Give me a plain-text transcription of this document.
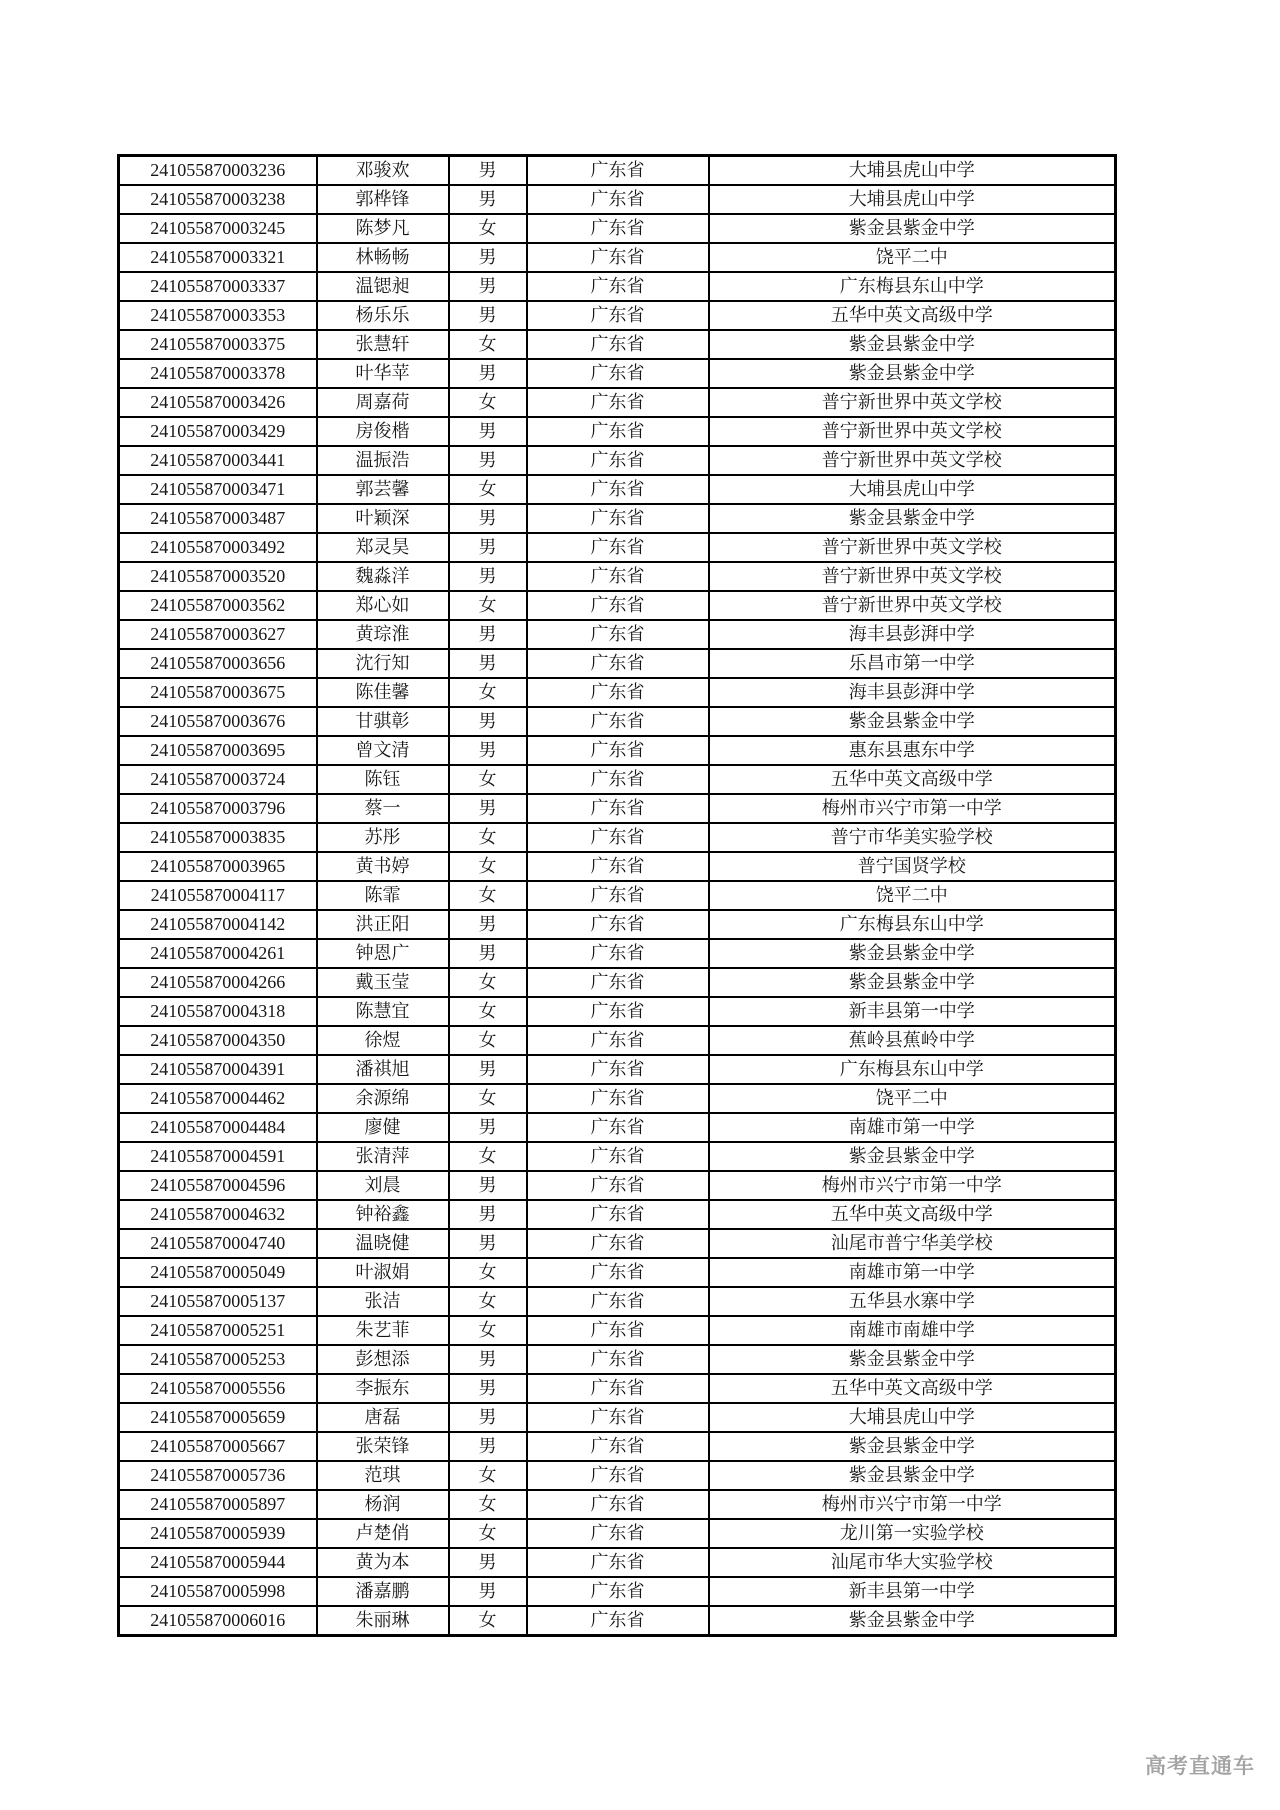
241055870003236	邓骏欢	男	广东省	大埔县虎山中学
241055870003238	郭桦锋	男	广东省	大埔县虎山中学
241055870003245	陈梦凡	女	广东省	紫金县紫金中学
241055870003321	林畅畅	男	广东省	饶平二中
241055870003337	温锶昶	男	广东省	广东梅县东山中学
241055870003353	杨乐乐	男	广东省	五华中英文高级中学
241055870003375	张慧轩	女	广东省	紫金县紫金中学
241055870003378	叶华苹	男	广东省	紫金县紫金中学
241055870003426	周嘉荷	女	广东省	普宁新世界中英文学校
241055870003429	房俊楷	男	广东省	普宁新世界中英文学校
241055870003441	温振浩	男	广东省	普宁新世界中英文学校
241055870003471	郭芸馨	女	广东省	大埔县虎山中学
241055870003487	叶颖深	男	广东省	紫金县紫金中学
241055870003492	郑灵昊	男	广东省	普宁新世界中英文学校
241055870003520	魏淼洋	男	广东省	普宁新世界中英文学校
241055870003562	郑心如	女	广东省	普宁新世界中英文学校
241055870003627	黄琮淮	男	广东省	海丰县彭湃中学
241055870003656	沈行知	男	广东省	乐昌市第一中学
241055870003675	陈佳馨	女	广东省	海丰县彭湃中学
241055870003676	甘骐彰	男	广东省	紫金县紫金中学
241055870003695	曾文清	男	广东省	惠东县惠东中学
241055870003724	陈钰	女	广东省	五华中英文高级中学
241055870003796	蔡一	男	广东省	梅州市兴宁市第一中学
241055870003835	苏彤	女	广东省	普宁市华美实验学校
241055870003965	黄书婷	女	广东省	普宁国贤学校
241055870004117	陈霏	女	广东省	饶平二中
241055870004142	洪正阳	男	广东省	广东梅县东山中学
241055870004261	钟恩广	男	广东省	紫金县紫金中学
241055870004266	戴玉莹	女	广东省	紫金县紫金中学
241055870004318	陈慧宜	女	广东省	新丰县第一中学
241055870004350	徐煜	女	广东省	蕉岭县蕉岭中学
241055870004391	潘祺旭	男	广东省	广东梅县东山中学
241055870004462	余源绵	女	广东省	饶平二中
241055870004484	廖健	男	广东省	南雄市第一中学
241055870004591	张清萍	女	广东省	紫金县紫金中学
241055870004596	刘晨	男	广东省	梅州市兴宁市第一中学
241055870004632	钟裕鑫	男	广东省	五华中英文高级中学
241055870004740	温晓健	男	广东省	汕尾市普宁华美学校
241055870005049	叶淑娟	女	广东省	南雄市第一中学
241055870005137	张洁	女	广东省	五华县水寨中学
241055870005251	朱艺菲	女	广东省	南雄市南雄中学
241055870005253	彭想添	男	广东省	紫金县紫金中学
241055870005556	李振东	男	广东省	五华中英文高级中学
241055870005659	唐磊	男	广东省	大埔县虎山中学
241055870005667	张荣锋	男	广东省	紫金县紫金中学
241055870005736	范琪	女	广东省	紫金县紫金中学
241055870005897	杨润	女	广东省	梅州市兴宁市第一中学
241055870005939	卢楚俏	女	广东省	龙川第一实验学校
241055870005944	黄为本	男	广东省	汕尾市华大实验学校
241055870005998	潘嘉鹏	男	广东省	新丰县第一中学
241055870006016	朱丽琳	女	广东省	紫金县紫金中学
高考直通车
